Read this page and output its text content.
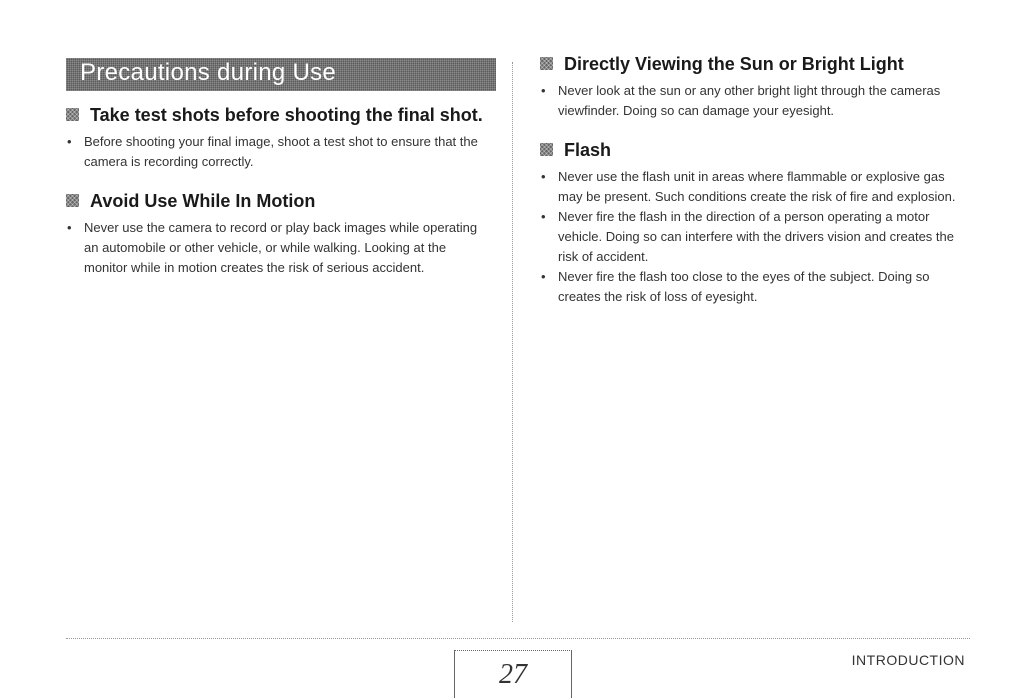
Precautions during Use
Take test shots before shooting the final shot.
• Before shooting your final image, shoot a test shot to ensure that the camera is recording correctly.
Avoid Use While In Motion
• Never use the camera to record or play back images while operating an automobile or other vehicle, or while walking. Looking at the monitor while in motion creates the risk of serious accident.
Directly Viewing the Sun or Bright Light
• Never look at the sun or any other bright light through the cameras viewfinder. Doing so can damage your eyesight.
Flash
• Never use the flash unit in areas where flammable or explosive gas may be present. Such conditions create the risk of fire and explosion.
• Never fire the flash in the direction of a person operating a motor vehicle. Doing so can interfere with the drivers vision and creates the risk of accident.
• Never fire the flash too close to the eyes of the subject. Doing so creates the risk of loss of eyesight.
27	INTRODUCTION
